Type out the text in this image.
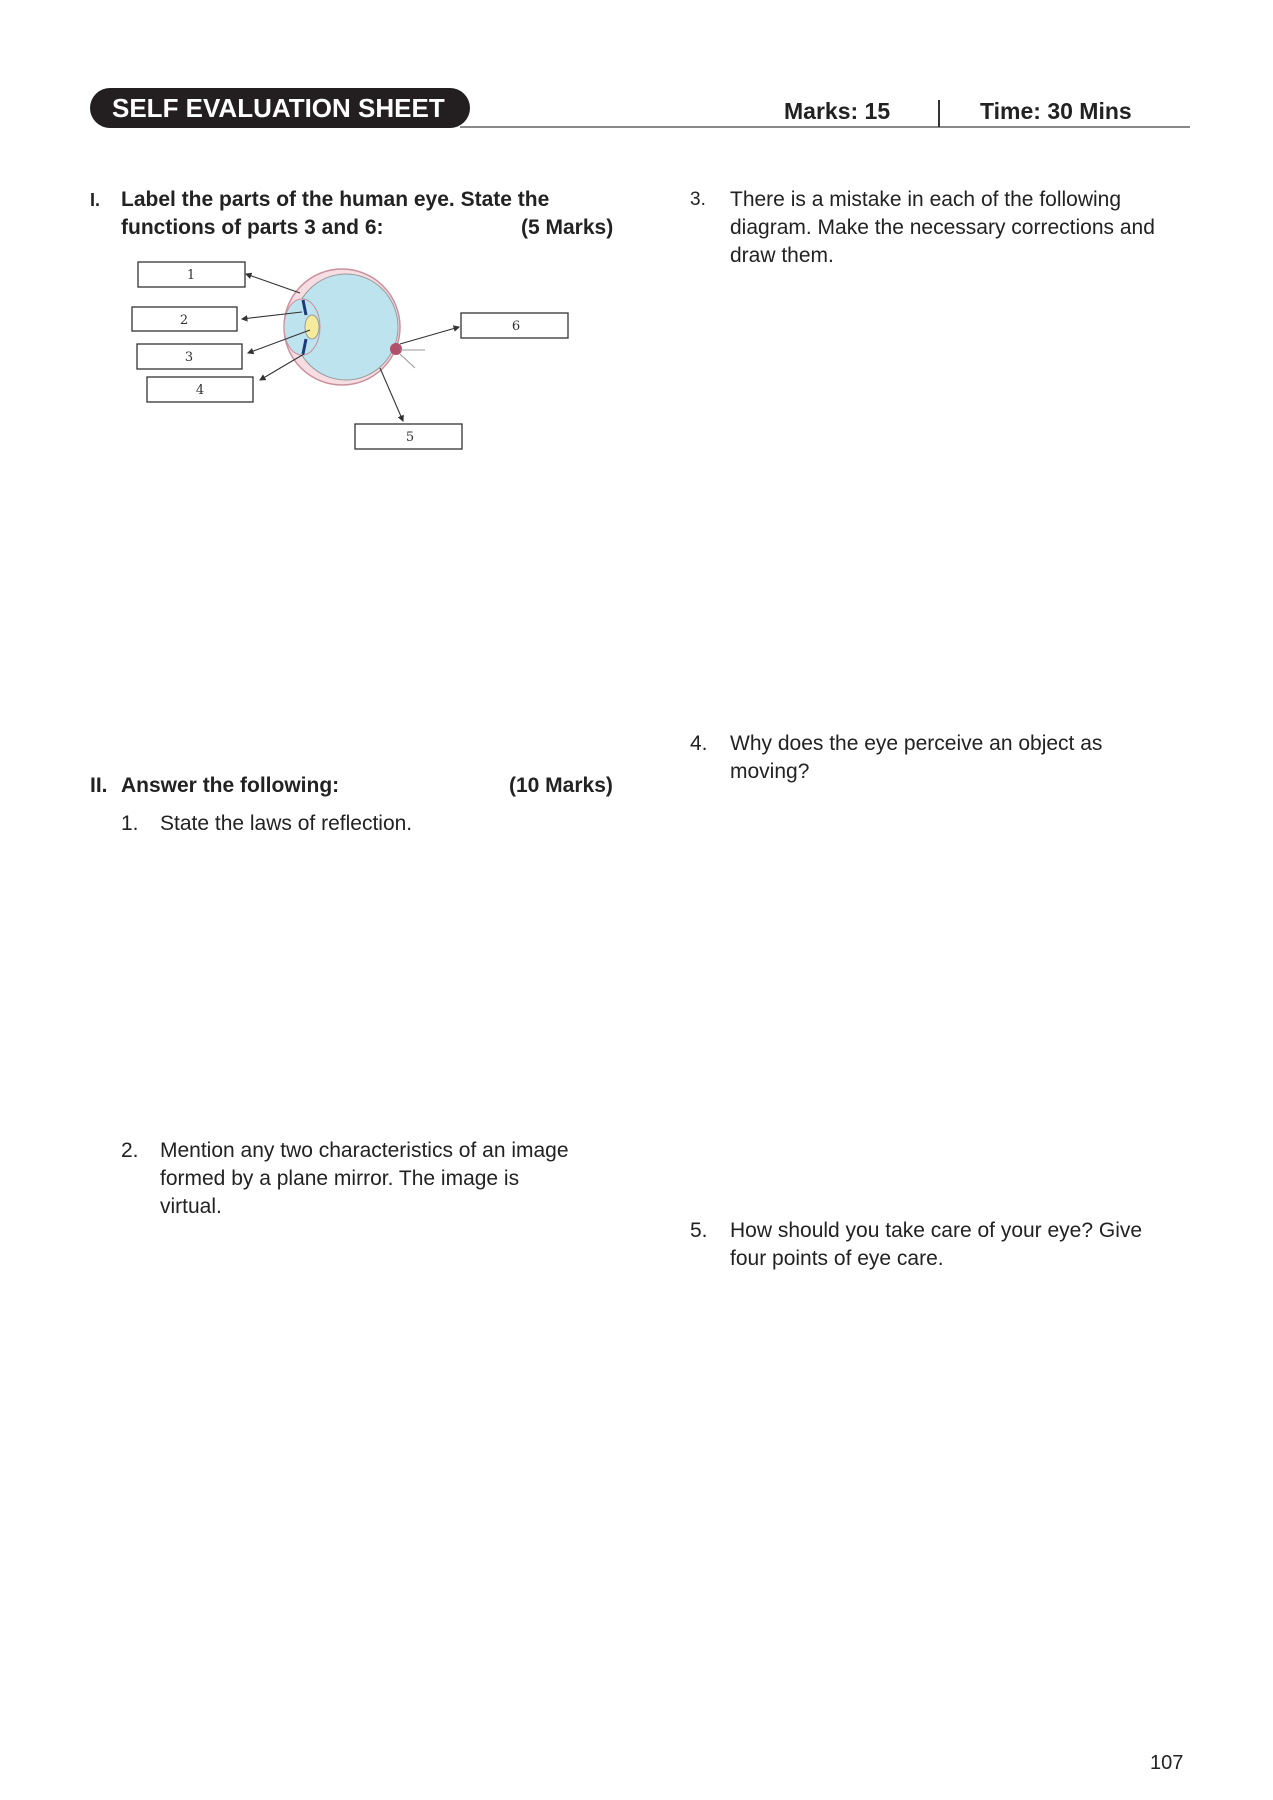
SELF EVALUATION SHEET	Marks: 15	Time: 30 Mins
I. Label the parts of the human eye. State the
functions of parts 3 and 6:	(5 Marks)
1
2
3
4
5
6
II. Answer the following:	(10 Marks)
1. State the laws of reflection.
2. Mention any two characteristics of an image
formed by a plane mirror. The image is
virtual.
3. There is a mistake in each of the following
diagram. Make the necessary corrections and
draw them.
4. Why does the eye perceive an object as
moving?
5. How should you take care of your eye? Give
four points of eye care.
107
